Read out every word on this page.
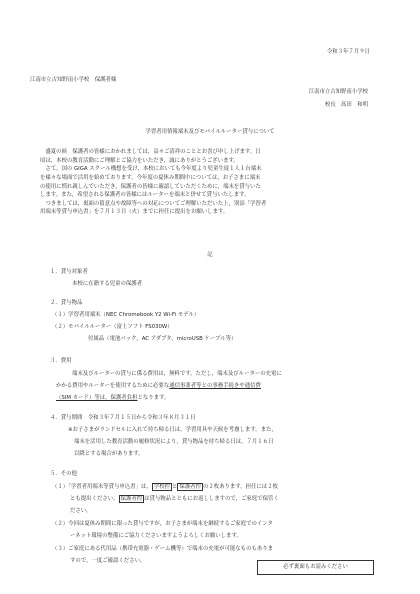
令和３年７月９日
江南市立古知野南小学校　保護者様
江南市立古知野南小学校
校長　髙田　和明
学習者用情報端末及びモバイルルーター貸与について
　盛夏の候　保護者の皆様におかれましては，益々ご清祥のこととお喜び申し上げます。日
頃は，本校の教育活動にご理解とご協力をいただき，誠にありがとうございます。
　さて，国の GIGA スクール構想を受け，本校においても今年度より児童生徒１人１台端末
を様々な場面で活用を始めております。今年度の夏休み期間中については，お子さまに端末
の使用に慣れ親しんでいただき，保護者の皆様に確認していただくために，端末を貸与いた
します。また，希望される保護者の皆様にはルーターを端末と併せて貸与いたします。
　つきましては，裏面の留意点や故障等への対応についてご理解いただいた上，別添「学習者
用端末等貸与申込書」を７月１３日（火）までに担任に提出をお願いします。
記
１．貸与対象者
本校に在籍する児童の保護者
２．貸与物品
（１）学習者用端末（NEC Chromebook Y2 Wi-Fi モデル）
（２）モバイルルーター（富士ソフト FS030W）
付属品（電池パック，AC アダプタ，microUSB ケーブル等）
３．費用
端末及びルーターの貸与に係る費用は，無料です。ただし，端末及びルーターの充電に
かかる費用やルーターを使用するために必要な通信事業者等との事務手続きや通信費
（SIM カード）等は，保護者負担となります。
４．貸与期間　令和３年７月１５日から令和３年８月３１日
※お子さまがランドセルに入れて持ち帰る日は，学習用具や天候を考慮します。また，
端末を活用した教育活動の履修状況により，貸与物品を持ち帰る日は，７月１６日
以降とする場合があります。
５．その他
（１）「学習者用端末等貸与申込書」は， 学校控 と 保護者控 の２枚あります。担任には２枚
とも提出ください。 保護者控 は貸与物品とともにお返ししますので，ご家庭で保管く
ださい。
（２）今回は夏休み期間に限った貸与ですが，お子さまが端末を継続するご家庭でのインタ
ーネット環境の整備にご協力くださいますようよろしくお願いします。
（３）ご家庭にある代用品（携帯充電器・ゲーム機等）で端末の充電が可能なものもありま
すので，一度ご確認ください。
必ず裏面もお読みください
